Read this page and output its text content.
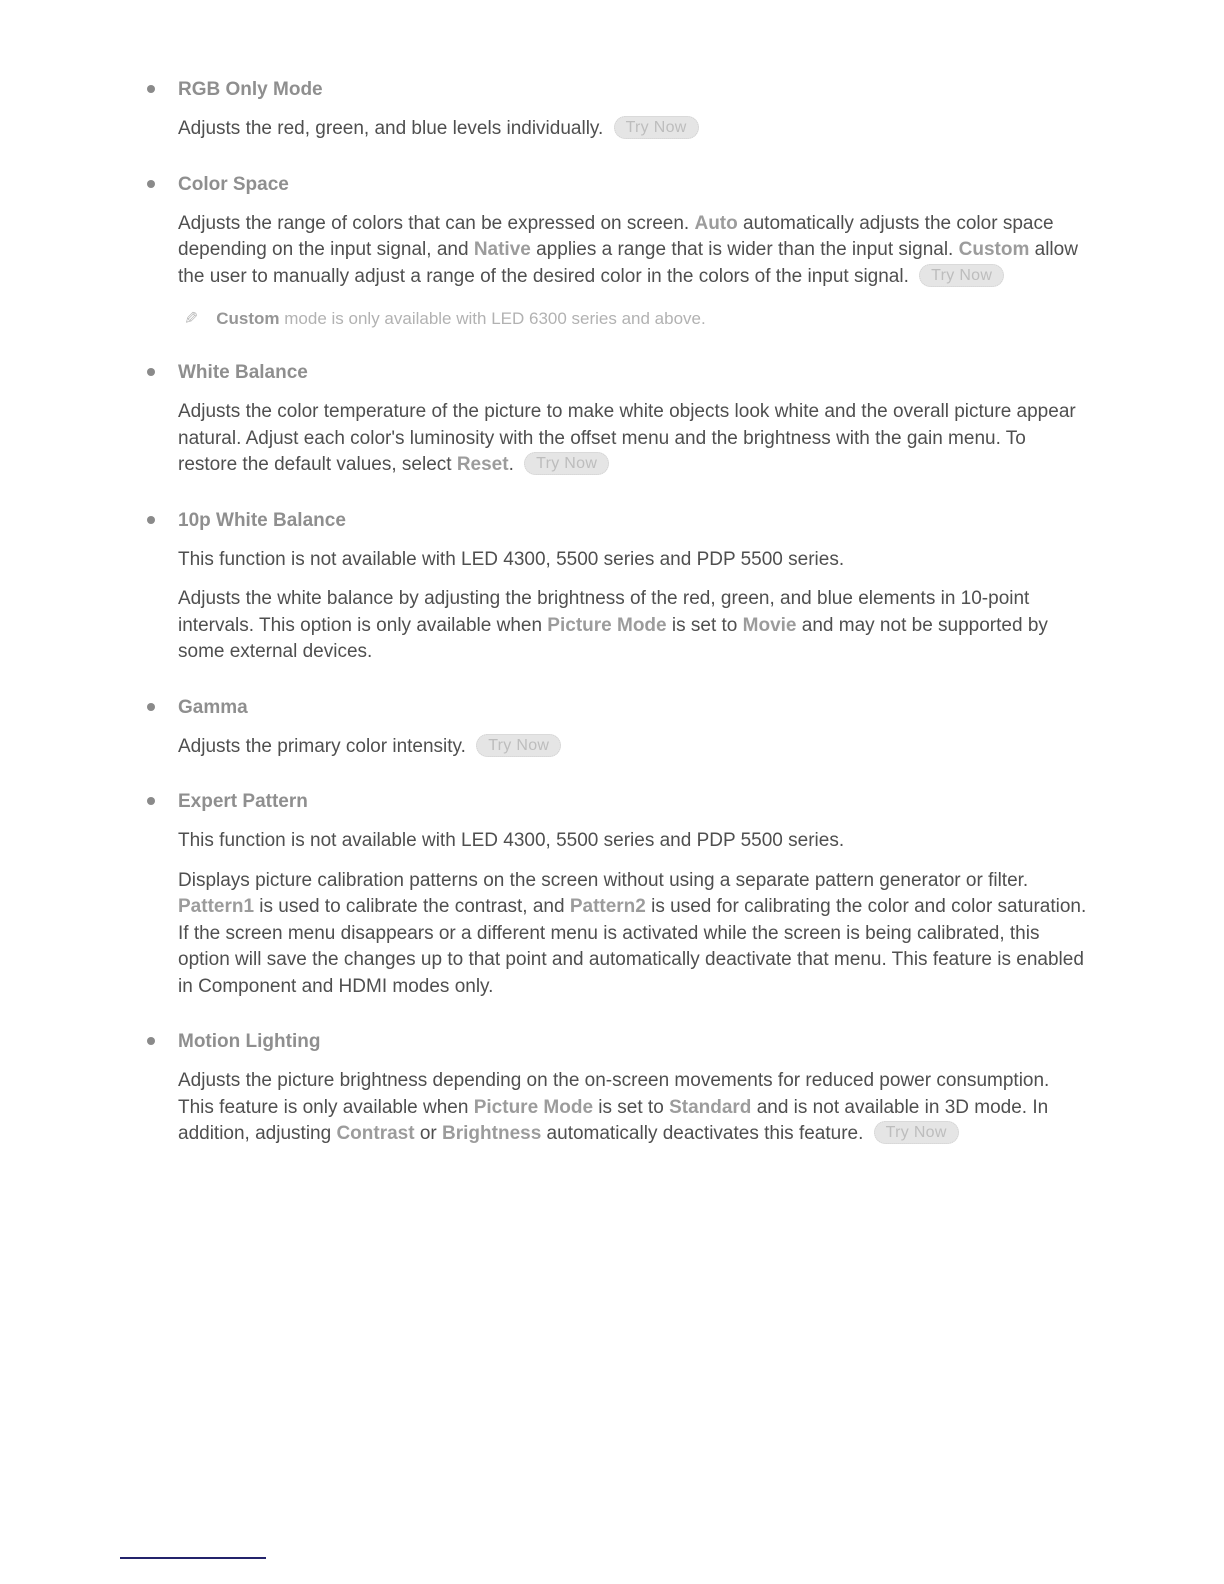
RGB Only Mode

Adjusts the red, green, and blue levels individually. Try Now

Color Space

Adjusts the range of colors that can be expressed on screen. Auto automatically adjusts the color space depending on the input signal, and Native applies a range that is wider than the input signal. Custom allow the user to manually adjust a range of the desired color in the colors of the input signal. Try Now

✎ Custom mode is only available with LED 6300 series and above.

White Balance

Adjusts the color temperature of the picture to make white objects look white and the overall picture appear natural. Adjust each color's luminosity with the offset menu and the brightness with the gain menu. To restore the default values, select Reset. Try Now

10p White Balance

This function is not available with LED 4300, 5500 series and PDP 5500 series.

Adjusts the white balance by adjusting the brightness of the red, green, and blue elements in 10-point intervals. This option is only available when Picture Mode is set to Movie and may not be supported by some external devices.

Gamma

Adjusts the primary color intensity. Try Now

Expert Pattern

This function is not available with LED 4300, 5500 series and PDP 5500 series.

Displays picture calibration patterns on the screen without using a separate pattern generator or filter. Pattern1 is used to calibrate the contrast, and Pattern2 is used for calibrating the color and color saturation. If the screen menu disappears or a different menu is activated while the screen is being calibrated, this option will save the changes up to that point and automatically deactivate that menu. This feature is enabled in Component and HDMI modes only.

Motion Lighting

Adjusts the picture brightness depending on the on-screen movements for reduced power consumption. This feature is only available when Picture Mode is set to Standard and is not available in 3D mode. In addition, adjusting Contrast or Brightness automatically deactivates this feature. Try Now
